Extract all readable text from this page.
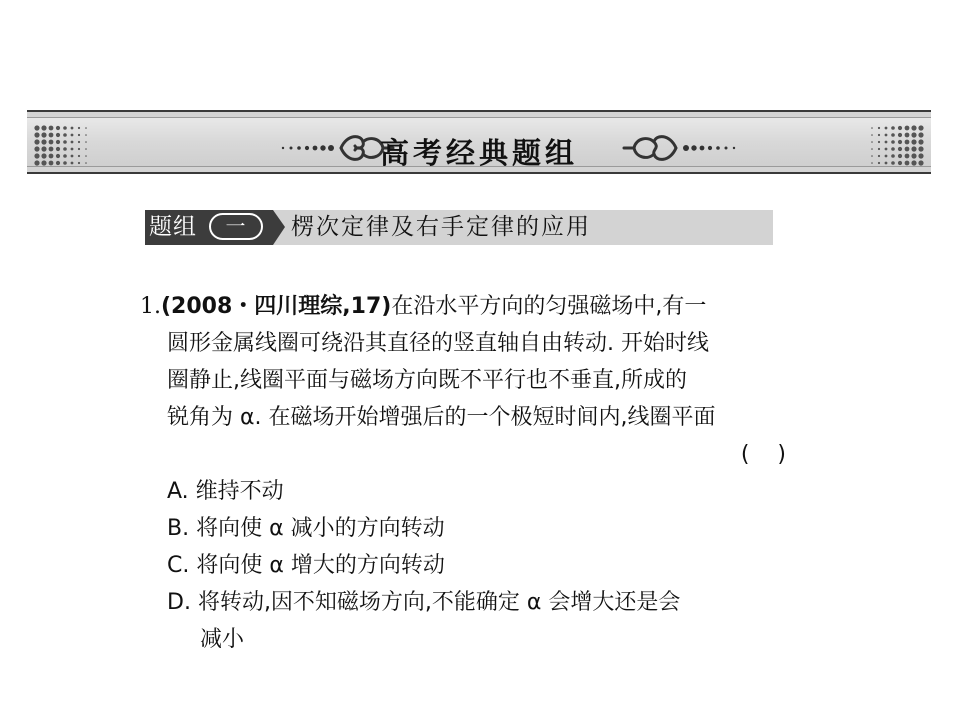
高考经典题组
题组	一	楞次定律及右手定律的应用
1.(2008・四川理综,17)在沿水平方向的匀强磁场中,有一
圆形金属线圈可绕沿其直径的竖直轴自由转动. 开始时线
圈静止,线圈平面与磁场方向既不平行也不垂直,所成的
锐角为 α. 在磁场开始增强后的一个极短时间内,线圈平面
(    )
A. 维持不动
B. 将向使 α 减小的方向转动
C. 将向使 α 增大的方向转动
D. 将转动,因不知磁场方向,不能确定 α 会增大还是会
减小
